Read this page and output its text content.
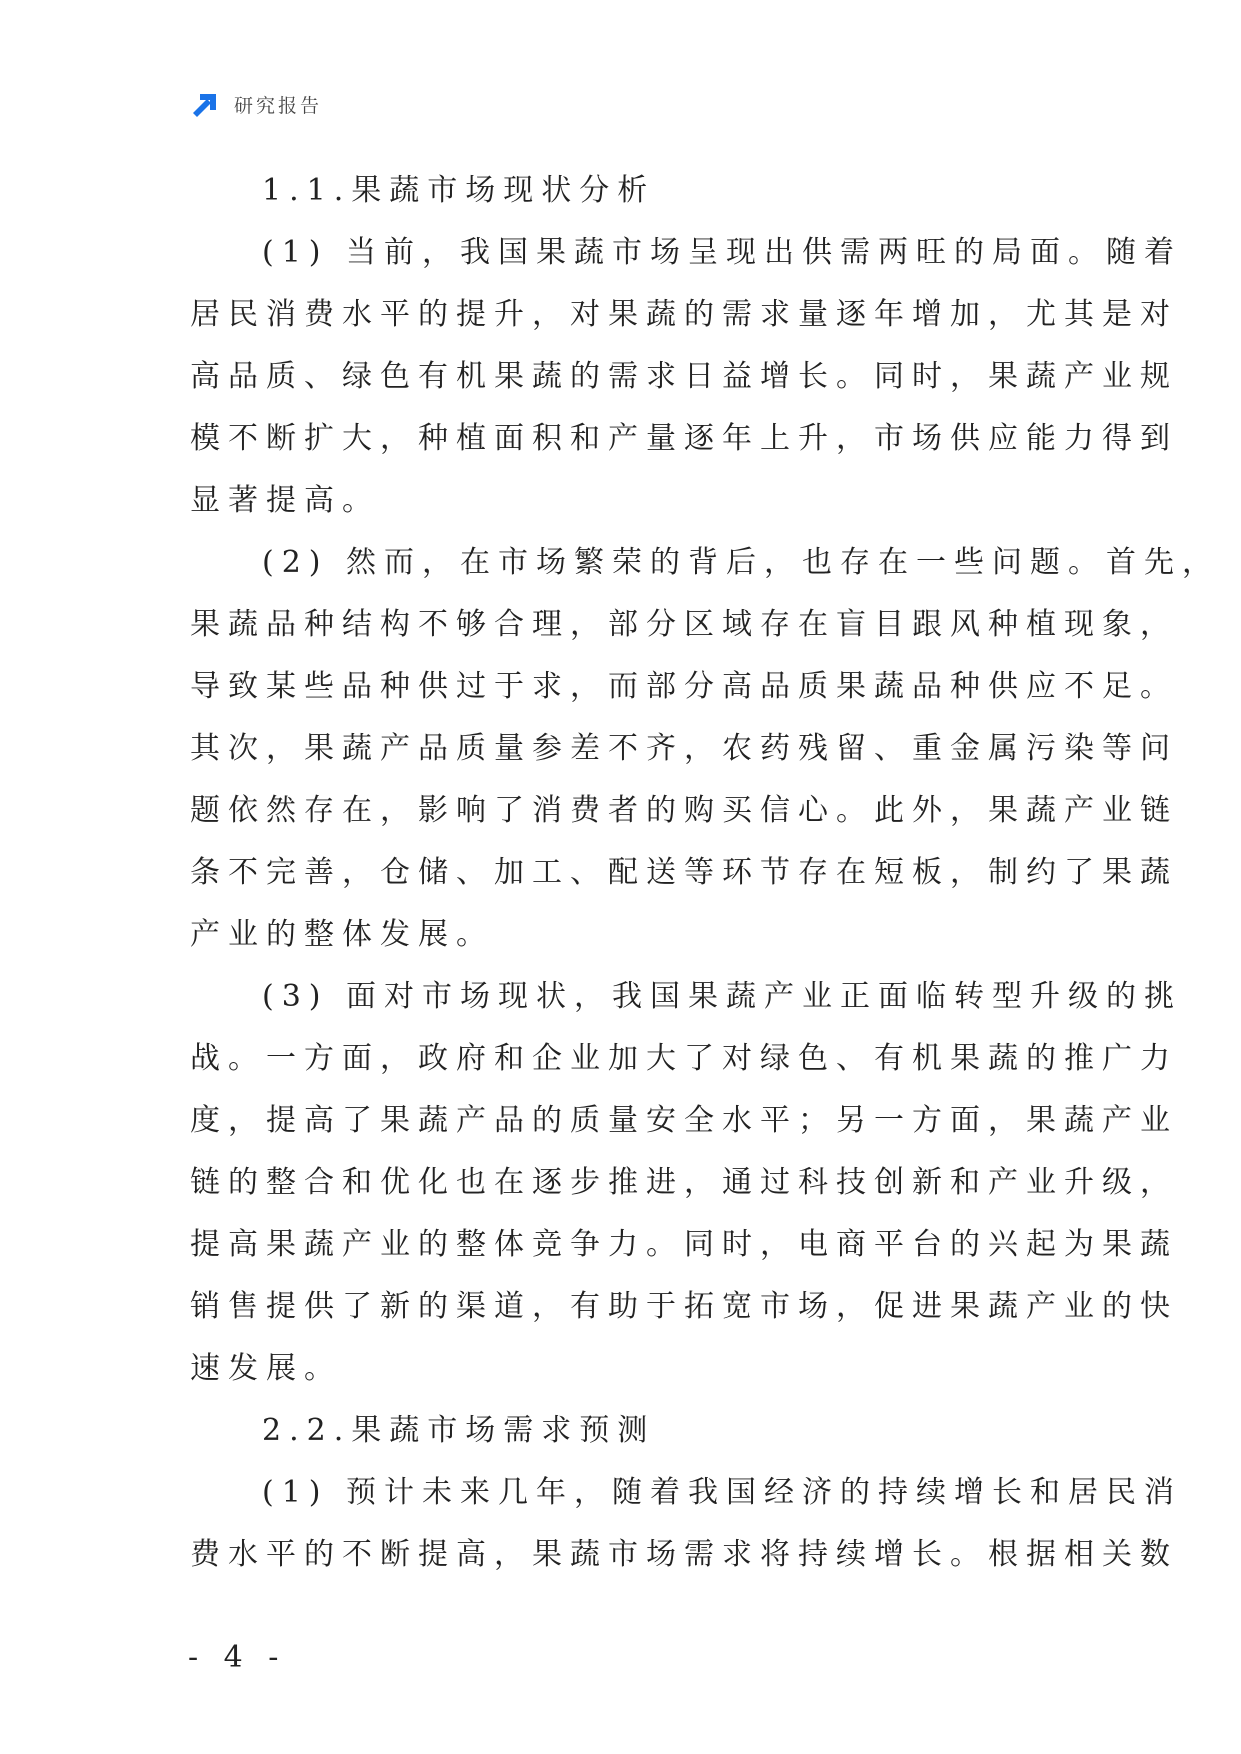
研究报告
1.1.果蔬市场现状分析
(1) 当前，我国果蔬市场呈现出供需两旺的局面。随着
居民消费水平的提升，对果蔬的需求量逐年增加，尤其是对
高品质、绿色有机果蔬的需求日益增长。同时，果蔬产业规
模不断扩大，种植面积和产量逐年上升，市场供应能力得到
显著提高。
(2) 然而，在市场繁荣的背后，也存在一些问题。首先，
果蔬品种结构不够合理，部分区域存在盲目跟风种植现象，
导致某些品种供过于求，而部分高品质果蔬品种供应不足。
其次，果蔬产品质量参差不齐，农药残留、重金属污染等问
题依然存在，影响了消费者的购买信心。此外，果蔬产业链
条不完善，仓储、加工、配送等环节存在短板，制约了果蔬
产业的整体发展。
(3) 面对市场现状，我国果蔬产业正面临转型升级的挑
战。一方面，政府和企业加大了对绿色、有机果蔬的推广力
度，提高了果蔬产品的质量安全水平；另一方面，果蔬产业
链的整合和优化也在逐步推进，通过科技创新和产业升级，
提高果蔬产业的整体竞争力。同时，电商平台的兴起为果蔬
销售提供了新的渠道，有助于拓宽市场，促进果蔬产业的快
速发展。
2.2.果蔬市场需求预测
(1) 预计未来几年，随着我国经济的持续增长和居民消
费水平的不断提高，果蔬市场需求将持续增长。根据相关数
- 4 -
